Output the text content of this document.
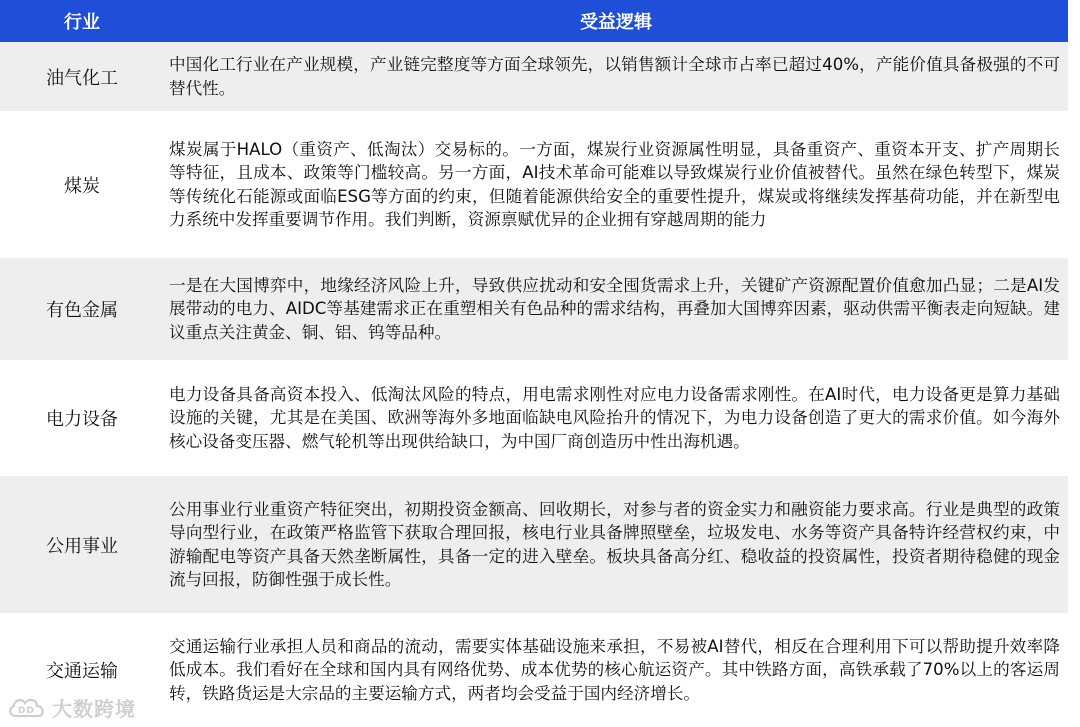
行业	受益逻辑
油气化工
中国化工行业在产业规模，产业链完整度等方面全球领先，以销售额计全球市占率已超过40%，产能价值具备极强的不可替代性。
煤炭
煤炭属于HALO（重资产、低淘汰）交易标的。一方面，煤炭行业资源属性明显，具备重资产、重资本开支、扩产周期长等特征，且成本、政策等门槛较高。另一方面，AI技术革命可能难以导致煤炭行业价值被替代。虽然在绿色转型下，煤炭等传统化石能源或面临ESG等方面的约束，但随着能源供给安全的重要性提升，煤炭或将继续发挥基荷功能，并在新型电力系统中发挥重要调节作用。我们判断，资源禀赋优异的企业拥有穿越周期的能力
有色金属
一是在大国博弈中，地缘经济风险上升，导致供应扰动和安全囤货需求上升，关键矿产资源配置价值愈加凸显；二是AI发展带动的电力、AIDC等基建需求正在重塑相关有色品种的需求结构，再叠加大国博弈因素，驱动供需平衡表走向短缺。建议重点关注黄金、铜、铝、钨等品种。
电力设备
电力设备具备高资本投入、低淘汰风险的特点，用电需求刚性对应电力设备需求刚性。在AI时代，电力设备更是算力基础设施的关键，尤其是在美国、欧洲等海外多地面临缺电风险抬升的情况下，为电力设备创造了更大的需求价值。如今海外核心设备变压器、燃气轮机等出现供给缺口，为中国厂商创造历中性出海机遇。
公用事业
公用事业行业重资产特征突出，初期投资金额高、回收期长，对参与者的资金实力和融资能力要求高。行业是典型的政策导向型行业，在政策严格监管下获取合理回报，核电行业具备牌照壁垒，垃圾发电、水务等资产具备特许经营权约束，中游输配电等资产具备天然垄断属性，具备一定的进入壁垒。板块具备高分红、稳收益的投资属性，投资者期待稳健的现金流与回报，防御性强于成长性。
交通运输
交通运输行业承担人员和商品的流动，需要实体基础设施来承担，不易被AI替代，相反在合理利用下可以帮助提升效率降低成本。我们看好在全球和国内具有网络优势、成本优势的核心航运资产。其中铁路方面，高铁承载了70%以上的客运周转，铁路货运是大宗品的主要运输方式，两者均会受益于国内经济增长。
DD 大数跨境
